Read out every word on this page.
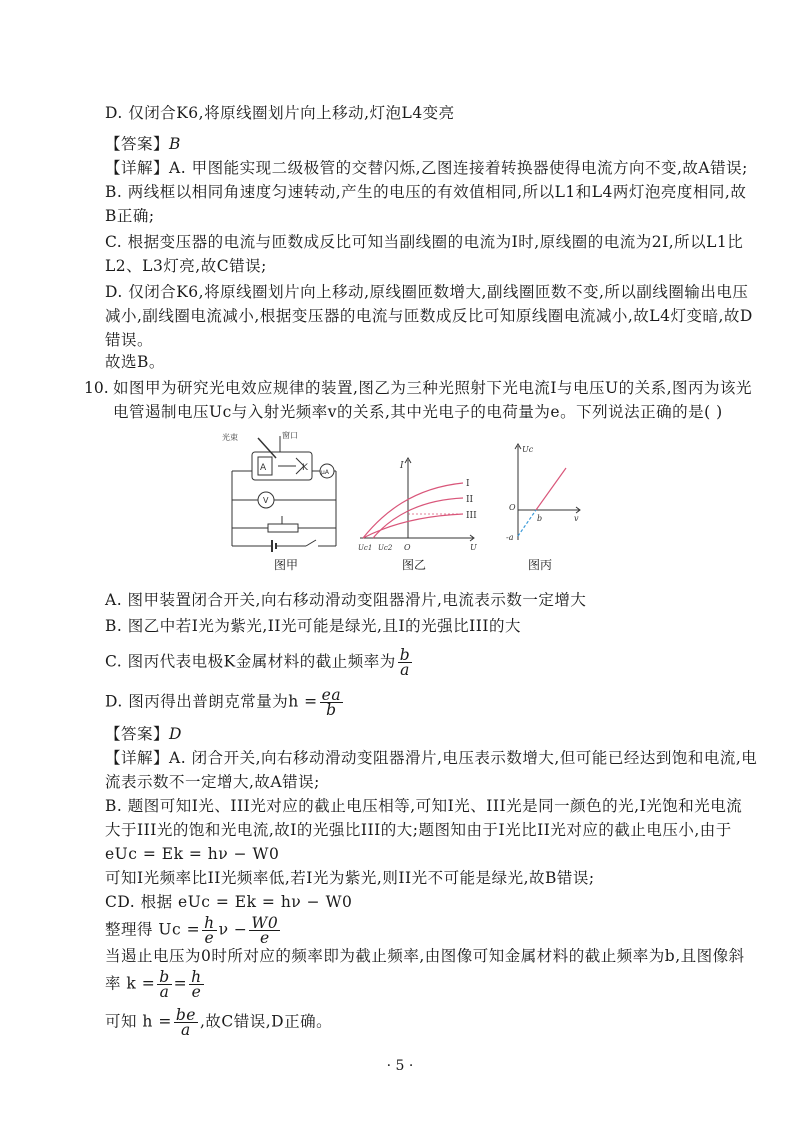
D. 仅闭合K6,将原线圈划片向上移动,灯泡L4变亮
【答案】B
【详解】A. 甲图能实现二级极管的交替闪烁,乙图连接着转换器使得电流方向不变,故A错误;
B. 两线框以相同角速度匀速转动,产生的电压的有效值相同,所以L1和L4两灯泡亮度相同,故
B正确;
C. 根据变压器的电流与匝数成反比可知当副线圈的电流为I时,原线圈的电流为2I,所以L1比
L2、L3灯亮,故C错误;
D. 仅闭合K6,将原线圈划片向上移动,原线圈匝数增大,副线圈匝数不变,所以副线圈输出电压
减小,副线圈电流减小,根据变压器的电流与匝数成反比可知原线圈电流减小,故L4灯变暗,故D
错误。
故选B。
10. 如图甲为研究光电效应规律的装置,图乙为三种光照射下光电流I与电压U的关系,图丙为该光
电管遏制电压Uc与入射光频率v的关系,其中光电子的电荷量为e。下列说法正确的是( )
光束	窗口
A	K
V
μA
I
I
II
III
Uc1 Uc2 O	U
Uc
O
b	v
-a
图甲	图乙	图丙
A. 图甲装置闭合开关,向右移动滑动变阻器滑片,电流表示数一定增大
B. 图乙中若I光为紫光,II光可能是绿光,且I的光强比III的大
C. 图丙代表电极K金属材料的截止频率为 $\frac{b}{a}$
D. 图丙得出普朗克常量为$h = \frac{ea}{b}$
【答案】D
【详解】A. 闭合开关,向右移动滑动变阻器滑片,电压表示数增大,但可能已经达到饱和电流,电
流表示数不一定增大,故A错误;
B. 题图可知I光、III光对应的截止电压相等,可知I光、III光是同一颜色的光,I光饱和光电流
大于III光的饱和光电流,故I的光强比III的大;题图知由于I光比II光对应的截止电压小,由于
eUc = Ek = hν − W0
可知I光频率比II光频率低,若I光为紫光,则II光不可能是绿光,故B错误;
CD. 根据 eUc = Ek = hν − W0
整理得 $Uc = \frac{h}{e}$ $\nu - \frac{W0}{e}$
当遏止电压为0时所对应的频率即为截止频率,由图像可知金属材料的截止频率为b,且图像斜
率 $k = \frac{b}{a} = \frac{h}{e}$
可知 $h = \frac{be}{a}$ ,故C错误,D正确。
· 5 ·
